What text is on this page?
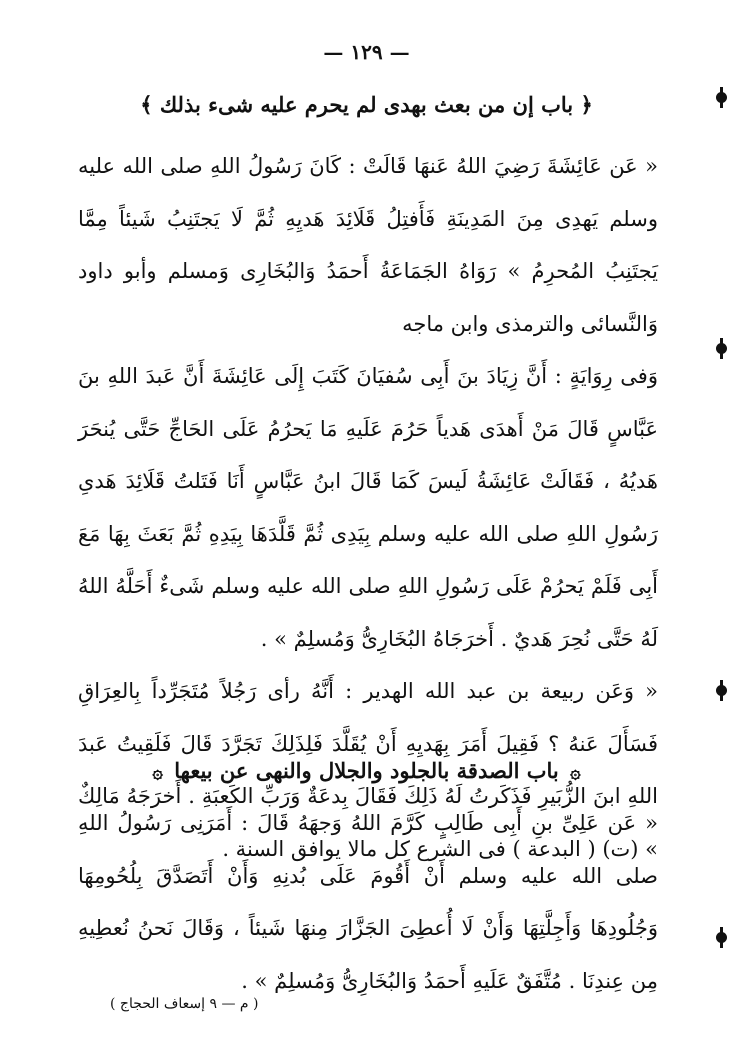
— ١٢٩ —
﴿ باب إن من بعث بهدى لم يحرم عليه شىء بذلك ﴾

« عَن عَائِشَةَ رَضِيَ اللهُ عَنهَا قَالَتْ : كَانَ رَسُولُ اللهِ صلى الله عليه وسلم يَهدِى مِنَ المَدِينَةِ فَأَفتِلُ قَلَائِدَ هَديِهِ ثُمَّ لَا يَجتَنِبُ شَيئاً مِمَّا يَجتَنِبُ المُحرِمُ » رَوَاهُ الجَمَاعَةُ أَحمَدُ وَالبُخَارِى وَمسلم وأبو داود وَالنَّسائى والترمذى وابن ماجه

وَفى رِوَايَةٍ : أَنَّ زِيَادَ بنَ أَبِى سُفيَانَ كَتَبَ إِلَى عَائِشَةَ أَنَّ عَبدَ اللهِ بنَ عَبَّاسٍ قَالَ مَنْ أَهدَى هَدياً حَرُمَ عَلَيهِ مَا يَحرُمُ عَلَى الحَاجِّ حَتَّى يُنحَرَ هَديُهُ ، فَقَالَتْ عَائِشَةُ لَيسَ كَمَا قَالَ ابنُ عَبَّاسٍ أَنَا فَتَلتُ قَلَائِدَ هَدىِ رَسُولِ اللهِ صلى الله عليه وسلم بِيَدِى ثُمَّ قَلَّدَهَا بِيَدِهِ ثُمَّ بَعَثَ بِهَا مَعَ أَبِى فَلَمْ يَحرُمْ عَلَى رَسُولِ اللهِ صلى الله عليه وسلم شَىءٌ أَحَلَّهُ اللهُ لَهُ حَتَّى نُحِرَ هَديٌ . أَخرَجَاهُ البُخَارِىُّ وَمُسلِمٌ » .

« وَعَن ربيعة بن عبد الله الهدير : أَنَّهُ رأى رَجُلاً مُتَجَرِّداً بِالعِرَاقِ فَسَأَلَ عَنهُ ؟ فَقِيلَ أَمَرَ بِهَديِهِ أَنْ يُقَلَّدَ فَلِذَلِكَ تَجَرَّدَ قَالَ فَلَقِيتُ عَبدَ اللهِ ابنَ الزُّبَيرِ فَذَكَرتُ لَهُ ذَلِكَ فَقَالَ بِدعَةٌ وَرَبِّ الكَعبَةِ . أَخرَجَهُ مَالِكٌ » (ت) ( البدعة ) فى الشرع كل مالا يوافق السنة .

۞ باب الصدقة بالجلود والجلال والنهى عن بيعها ۞

« عَن عَلِىِّ بنِ أَبِى طَالِبٍ كَرَّمَ اللهُ وَجهَهُ قَالَ : أَمَرَنِى رَسُولُ اللهِ صلى الله عليه وسلم أَنْ أَقُومَ عَلَى بُدنِهِ وَأَنْ أَتَصَدَّقَ بِلُحُومِهَا وَجُلُودِهَا وَأَجِلَّتِهَا وَأَنْ لَا أُعطِىَ الجَزَّارَ مِنهَا شَيئاً ، وَقَالَ نَحنُ نُعطِيهِ مِن عِندِنَا . مُتَّفَقٌ عَلَيهِ أَحمَدُ وَالبُخَارِىُّ وَمُسلِمٌ » .

( م — ٩ إسعاف الحجاج )
